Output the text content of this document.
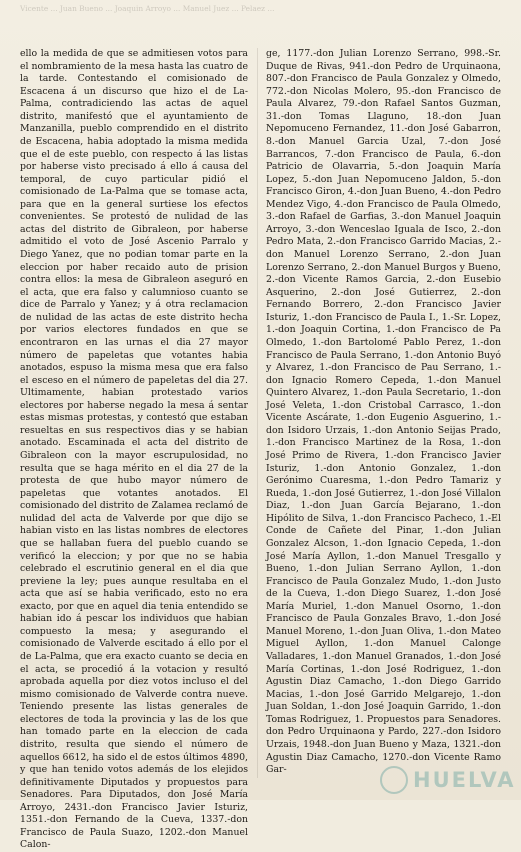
Vicente ... Juan Bueno ... Joaquin Arroyo ... Manuel Juez ... Pelaez ...

ello la medida de que se admitiesen votos para el nombramiento de la mesa hasta las cuatro de la tarde. Contestando el comisionado de Escacena á un discurso que hizo el de La-Palma, contradiciendo las actas de aquel distrito, manifestó que el ayuntamiento de Manzanilla, pueblo comprendido en el distrito de Escacena, habia adoptado la misma medida que el de este pueblo, con respecto á las listas por haberse visto precisado á ello á causa del temporal, de cuyo particular pidió el comisionado de La-Palma que se tomase acta, para que en la general surtiese los efectos convenientes. Se protestó de nulidad de las actas del distrito de Gibraleon, por haberse admitido el voto de José Ascenio Parralo y Diego Yanez, que no podian tomar parte en la eleccion por haber recaido auto de prision contra ellos: la mesa de Gibraleon aseguró en el acta, que era falso y calumnioso cuanto se dice de Parralo y Yanez; y á otra reclamacion de nulidad de las actas de este distrito hecha por varios electores fundados en que se encontraron en las urnas el dia 27 mayor número de papeletas que votantes habia anotados, espuso la misma mesa que era falso el esceso en el número de papeletas del dia 27. Ultimamente, habian protestado varios electores por haberse negado la mesa á sentar estas mismas protestas, y contestó que estaban resueltas en sus respectivos dias y se habian anotado. Escaminada el acta del distrito de Gibraleon con la mayor escrupulosidad, no resulta que se haga mérito en el dia 27 de la protesta de que hubo mayor número de papeletas que votantes anotados. El comisionado del distrito de Zalamea reclamó de nulidad del acta de Valverde por que dijo se habian visto en las listas nombres de electores que se hallaban fuera del pueblo cuando se verificó la eleccion; y por que no se habia celebrado el escrutinio general en el dia que previene la ley; pues aunque resultaba en el acta que así se habia verificado, esto no era exacto, por que en aquel dia tenia entendido se habian ido á pescar los individuos que habian compuesto la mesa; y asegurando el comisionado de Valverde escitado á ello por el de La-Palma, que era exacto cuanto se decia en el acta, se procedió á la votacion y resultó aprobada aquella por diez votos incluso el del mismo comisionado de Valverde contra nueve. Teniendo presente las listas generales de electores de toda la provincia y las de los que han tomado parte en la eleccion de cada distrito, resulta que siendo el número de aquellos 6612, ha sido el de estos últimos 4890, y que han tenido votos además de los elejidos definitivamente Diputados y propuestos para Senadores. Para Diputados, don José María Arroyo, 2431.-don Francisco Javier Isturiz, 1351.-don Fernando de la Cueva, 1337.-don Francisco de Paula Suazo, 1202.-don Manuel Calon-

ge, 1177.-don Julian Lorenzo Serrano, 998.-Sr. Duque de Rivas, 941.-don Pedro de Urquinaona, 807.-don Francisco de Paula Gonzalez y Olmedo, 772.-don Nicolas Molero, 95.-don Francisco de Paula Alvarez, 79.-don Rafael Santos Guzman, 31.-don Tomas Llaguno, 18.-don Juan Nepomuceno Fernandez, 11.-don José Gabarron, 8.-don Manuel Garcia Uzal, 7.-don José Barrancos, 7.-don Francisco de Paula, 6.-don Patricio de Olavarria, 5.-don Joaquin María Lopez, 5.-don Juan Nepomuceno Jaldon, 5.-don Francisco Giron, 4.-don Juan Bueno, 4.-don Pedro Mendez Vigo, 4.-don Francisco de Paula Olmedo, 3.-don Rafael de Garfias, 3.-don Manuel Joaquin Arroyo, 3.-don Wenceslao Iguala de Isco, 2.-don Pedro Mata, 2.-don Francisco Garrido Macias, 2.-don Manuel Lorenzo Serrano, 2.-don Juan Lorenzo Serrano, 2.-don Manuel Burgos y Bueno, 2.-don Vicente Ramos Garcia, 2.-don Eusebio Asquerino, 2.-don José Gutierrez, 2.-don Fernando Borrero, 2.-don Francisco Javier Isturiz, 1.-don Francisco de Paula I., 1.-Sr. Lopez, 1.-don Joaquin Cortina, 1.-don Francisco de Pa Olmedo, 1.-don Bartolomé Pablo Perez, 1.-don Francisco de Paula Serrano, 1.-don Antonio Buyó y Alvarez, 1.-don Francisco de Pau Serrano, 1.-don Ignacio Romero Cepeda, 1.-don Manuel Quintero Alvarez, 1.-don Paula Secretario, 1.-don José Veleta, 1.-don Cristobal Carrasco, 1.-don Vicente Ascárate, 1.-don Eugenio Asguerino, 1.-don Isidoro Urzais, 1.-don Antonio Seijas Prado, 1.-don Francisco Martinez de la Rosa, 1.-don José Primo de Rivera, 1.-don Francisco Javier Isturiz, 1.-don Antonio Gonzalez, 1.-don Gerónimo Cuaresma, 1.-don Pedro Tamariz y Rueda, 1.-don José Gutierrez, 1.-don José Villalon Diaz, 1.-don Juan García Bejarano, 1.-don Hipólito de Silva, 1.-don Francisco Pacheco, 1.-El Conde de Cañete del Pinar, 1.-don Julian Gonzalez Alcson, 1.-don Ignacio Cepeda, 1.-don José María Ayllon, 1.-don Manuel Tresgallo y Bueno, 1.-don Julian Serrano Ayllon, 1.-don Francisco de Paula Gonzalez Mudo, 1.-don Justo de la Cueva, 1.-don Diego Suarez, 1.-don José María Muriel, 1.-don Manuel Osorno, 1.-don Francisco de Paula Gonzales Bravo, 1.-don José Manuel Moreno, 1.-don Juan Oliva, 1.-don Mateo Miguel Ayllon, 1.-don Manuel Calonge Valladares, 1.-don Manuel Granados, 1.-don José María Cortinas, 1.-don José Rodriguez, 1.-don Agustin Diaz Camacho, 1.-don Diego Garrido Macias, 1.-don José Garrido Melgarejo, 1.-don Juan Soldan, 1.-don José Joaquin Garrido, 1.-don Tomas Rodriguez, 1. Propuestos para Senadores. don Pedro Urquinaona y Pardo, 227.-don Isidoro Urzais, 1948.-don Juan Bueno y Maza, 1321.-don Agustin Diaz Camacho, 1270.-don Vicente Ramo Gar-	HUELVA
